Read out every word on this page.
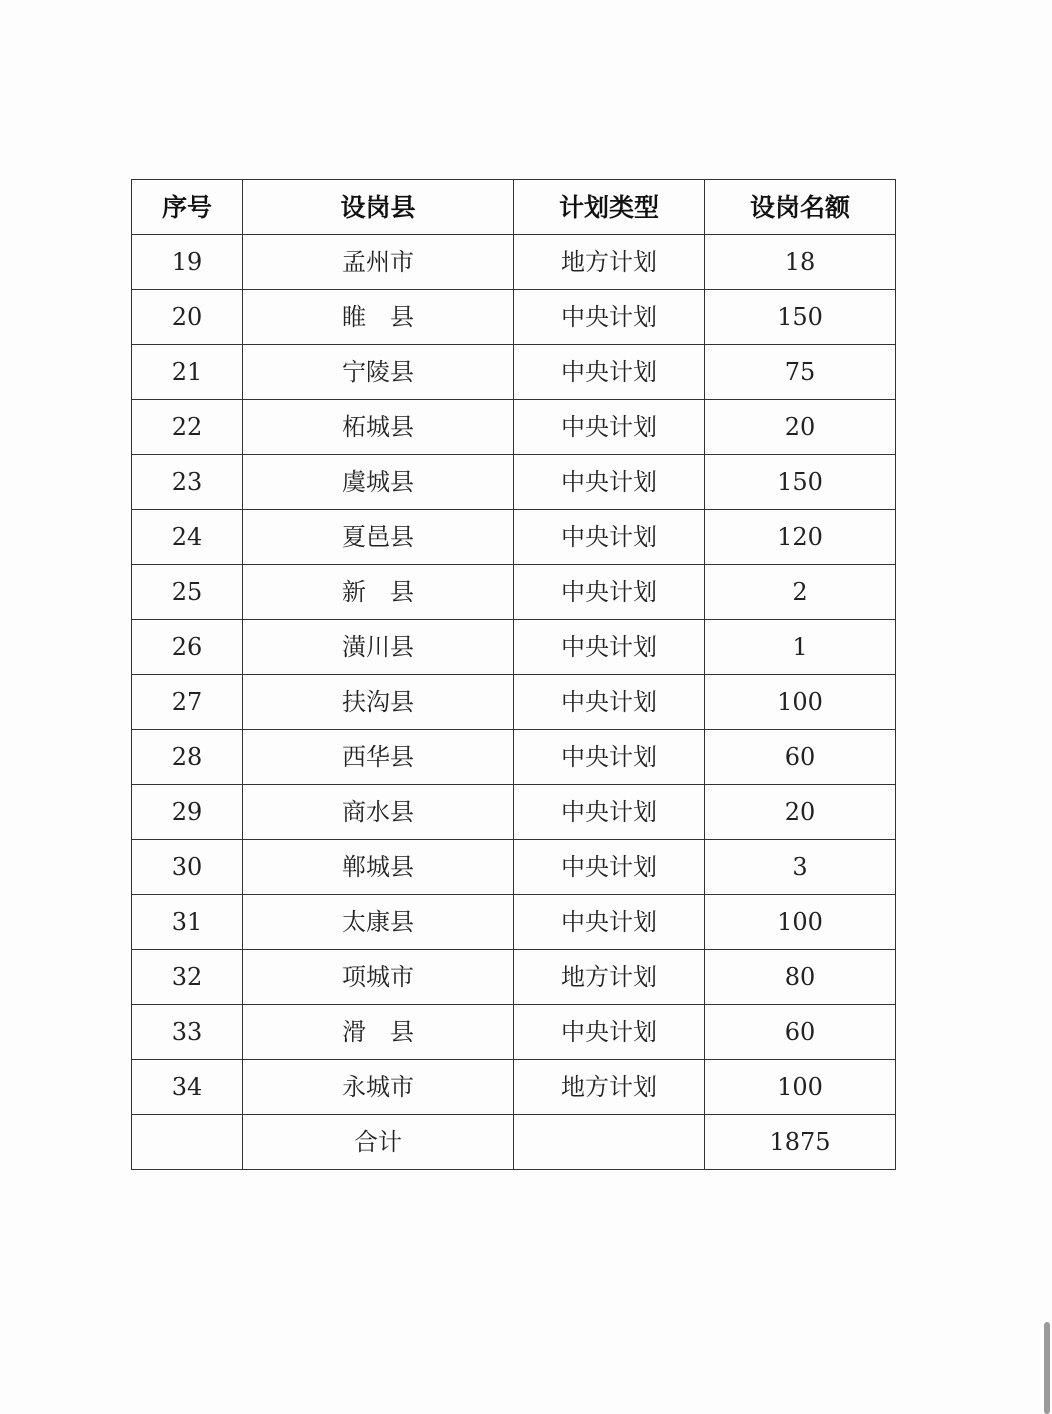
序号	设岗县	计划类型	设岗名额
19	孟州市	地方计划	18
20	睢　县	中央计划	150
21	宁陵县	中央计划	75
22	柘城县	中央计划	20
23	虞城县	中央计划	150
24	夏邑县	中央计划	120
25	新　县	中央计划	2
26	潢川县	中央计划	1
27	扶沟县	中央计划	100
28	西华县	中央计划	60
29	商水县	中央计划	20
30	郸城县	中央计划	3
31	太康县	中央计划	100
32	项城市	地方计划	80
33	滑　县	中央计划	60
34	永城市	地方计划	100
	合计		1875
